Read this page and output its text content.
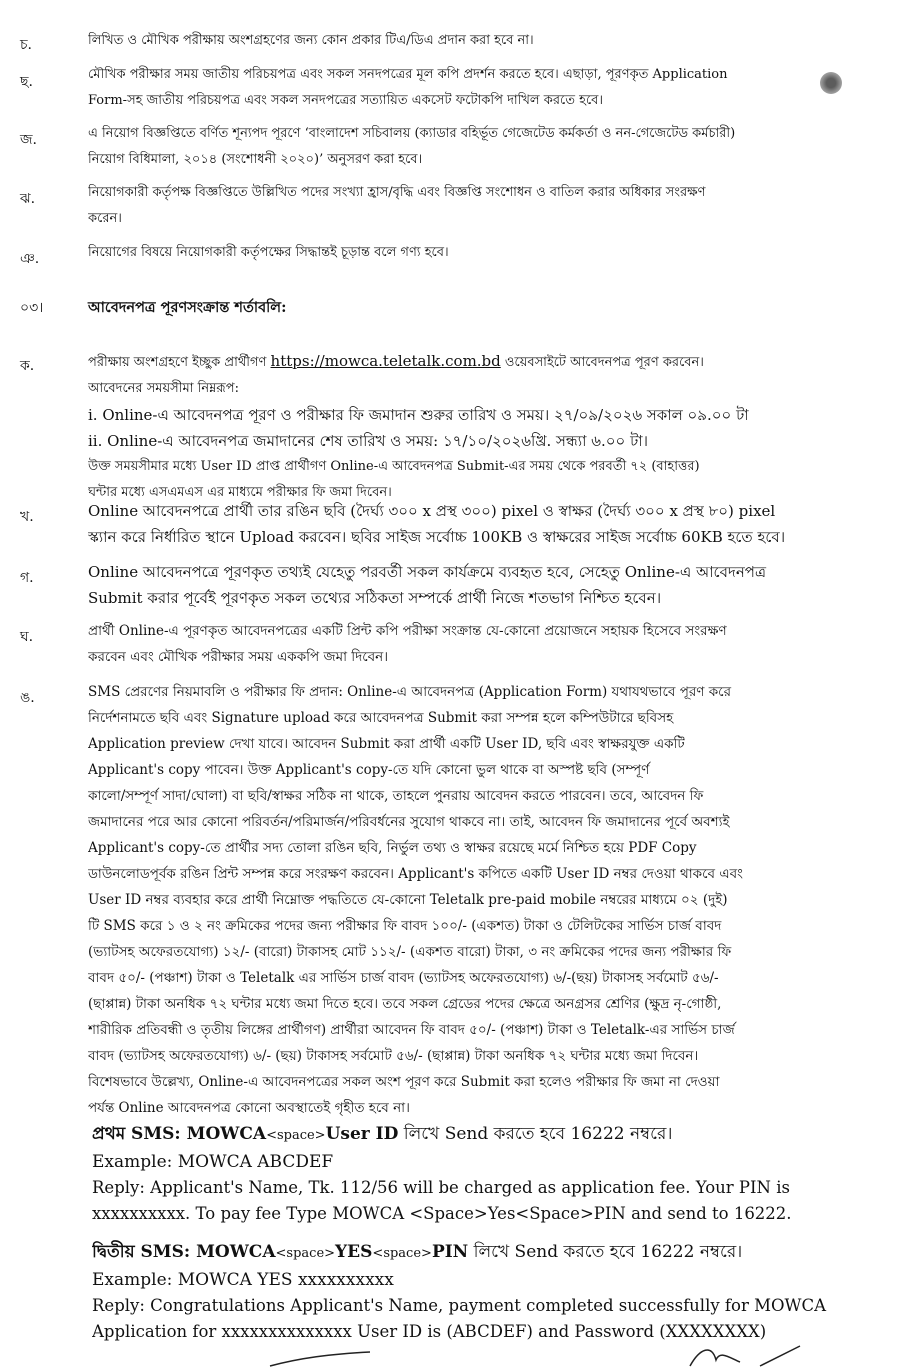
চ.	লিখিত ও মৌখিক পরীক্ষায় অংশগ্রহণের জন্য কোন প্রকার টিএ/ডিএ প্রদান করা হবে না।
ছ.	মৌখিক পরীক্ষার সময় জাতীয় পরিচয়পত্র এবং সকল সনদপত্রের মূল কপি প্রদর্শন করতে হবে। এছাড়া, পূরণকৃত Application
Form-সহ জাতীয় পরিচয়পত্র এবং সকল সনদপত্রের সত্যায়িত একসেট ফটোকপি দাখিল করতে হবে।
জ.	এ নিয়োগ বিজ্ঞপ্তিতে বর্ণিত শূন্যপদ পূরণে ‘বাংলাদেশ সচিবালয় (ক্যাডার বহির্ভূত গেজেটেড কর্মকর্তা ও নন-গেজেটেড কর্মচারী)
নিয়োগ বিধিমালা, ২০১৪ (সংশোধনী ২০২০)’ অনুসরণ করা হবে।
ঝ.	নিয়োগকারী কর্তৃপক্ষ বিজ্ঞপ্তিতে উল্লিখিত পদের সংখ্যা হ্রাস/বৃদ্ধি এবং বিজ্ঞপ্তি সংশোধন ও বাতিল করার অধিকার সংরক্ষণ
করেন।
ঞ.	নিয়োগের বিষয়ে নিয়োগকারী কর্তৃপক্ষের সিদ্ধান্তই চূড়ান্ত বলে গণ্য হবে।
০৩।	আবেদনপত্র পূরণসংক্রান্ত শর্তাবলি:
ক.	পরীক্ষায় অংশগ্রহণে ইচ্ছুক প্রার্থীগণ https://mowca.teletalk.com.bd ওয়েবসাইটে আবেদনপত্র পূরণ করবেন।
আবেদনের সময়সীমা নিম্নরূপ:
i. Online-এ আবেদনপত্র পূরণ ও পরীক্ষার ফি জমাদান শুরুর তারিখ ও সময়। ২৭/০৯/২০২৬ সকাল ০৯.০০ টা
ii. Online-এ আবেদনপত্র জমাদানের শেষ তারিখ ও সময়: ১৭/১০/২০২৬খ্রি. সন্ধ্যা ৬.০০ টা।
উক্ত সময়সীমার মধ্যে User ID প্রাপ্ত প্রার্থীগণ Online-এ আবেদনপত্র Submit-এর সময় থেকে পরবর্তী ৭২ (বাহাত্তর)
ঘন্টার মধ্যে এসএমএস এর মাধ্যমে পরীক্ষার ফি জমা দিবেন।
খ.	Online আবেদনপত্রে প্রার্থী তার রঙিন ছবি (দৈর্ঘ্য ৩০০ x প্রস্থ ৩০০) pixel ও স্বাক্ষর (দৈর্ঘ্য ৩০০ x প্রস্থ ৮০) pixel
স্ক্যান করে নির্ধারিত স্থানে Upload করবেন। ছবির সাইজ সর্বোচ্চ 100KB ও স্বাক্ষরের সাইজ সর্বোচ্চ 60KB হতে হবে।
গ.	Online আবেদনপত্রে পূরণকৃত তথ্যই যেহেতু পরবর্তী সকল কার্যক্রমে ব্যবহৃত হবে, সেহেতু Online-এ আবেদনপত্র
Submit করার পূর্বেই পূরণকৃত সকল তথ্যের সঠিকতা সম্পর্কে প্রার্থী নিজে শতভাগ নিশ্চিত হবেন।
ঘ.	প্রার্থী Online-এ পূরণকৃত আবেদনপত্রের একটি প্রিন্ট কপি পরীক্ষা সংক্রান্ত যে-কোনো প্রয়োজনে সহায়ক হিসেবে সংরক্ষণ
করবেন এবং মৌখিক পরীক্ষার সময় এককপি জমা দিবেন।
ঙ.	SMS প্রেরণের নিয়মাবলি ও পরীক্ষার ফি প্রদান: Online-এ আবেদনপত্র (Application Form) যথাযথভাবে পূরণ করে
নির্দেশনামতে ছবি এবং Signature upload করে আবেদনপত্র Submit করা সম্পন্ন হলে কম্পিউটারে ছবিসহ
Application preview দেখা যাবে। আবেদন Submit করা প্রার্থী একটি User ID, ছবি এবং স্বাক্ষরযুক্ত একটি
Applicant's copy পাবেন। উক্ত Applicant's copy-তে যদি কোনো ভুল থাকে বা অস্পষ্ট ছবি (সম্পূর্ণ
কালো/সম্পূর্ণ সাদা/ঘোলা) বা ছবি/স্বাক্ষর সঠিক না থাকে, তাহলে পুনরায় আবেদন করতে পারবেন। তবে, আবেদন ফি
জমাদানের পরে আর কোনো পরিবর্তন/পরিমার্জন/পরিবর্ধনের সুযোগ থাকবে না। তাই, আবেদন ফি জমাদানের পূর্বে অবশ্যই
Applicant's copy-তে প্রার্থীর সদ্য তোলা রঙিন ছবি, নির্ভুল তথ্য ও স্বাক্ষর রয়েছে মর্মে নিশ্চিত হয়ে PDF Copy
ডাউনলোডপূর্বক রঙিন প্রিন্ট সম্পন্ন করে সংরক্ষণ করবেন। Applicant's কপিতে একটি User ID নম্বর দেওয়া থাকবে এবং
User ID নম্বর ব্যবহার করে প্রার্থী নিম্নোক্ত পদ্ধতিতে যে-কোনো Teletalk pre-paid mobile নম্বরের মাধ্যমে ০২ (দুই)
টি SMS করে ১ ও ২ নং ক্রমিকের পদের জন্য পরীক্ষার ফি বাবদ ১০০/- (একশত) টাকা ও টেলিটকের সার্ভিস চার্জ বাবদ
(ভ্যাটসহ অফেরতযোগ্য) ১২/- (বারো) টাকাসহ মোট ১১২/- (একশত বারো) টাকা, ৩ নং ক্রমিকের পদের জন্য পরীক্ষার ফি
বাবদ ৫০/- (পঞ্চাশ) টাকা ও Teletalk এর সার্ভিস চার্জ বাবদ (ভ্যাটসহ অফেরতযোগ্য) ৬/-(ছয়) টাকাসহ সর্বমোট ৫৬/-
(ছাপ্পান্ন) টাকা অনধিক ৭২ ঘন্টার মধ্যে জমা দিতে হবে। তবে সকল গ্রেডের পদের ক্ষেত্রে অনগ্রসর শ্রেণির (ক্ষুদ্র নৃ-গোষ্ঠী,
শারীরিক প্রতিবন্ধী ও তৃতীয় লিঙ্গের প্রার্থীগণ) প্রার্থীরা আবেদন ফি বাবদ ৫০/- (পঞ্চাশ) টাকা ও Teletalk-এর সার্ভিস চার্জ
বাবদ (ভ্যাটসহ অফেরতযোগ্য) ৬/- (ছয়) টাকাসহ সর্বমোট ৫৬/- (ছাপ্পান্ন) টাকা অনধিক ৭২ ঘন্টার মধ্যে জমা দিবেন।
বিশেষভাবে উল্লেখ্য, Online-এ আবেদনপত্রের সকল অংশ পূরণ করে Submit করা হলেও পরীক্ষার ফি জমা না দেওয়া
পর্যন্ত Online আবেদনপত্র কোনো অবস্থাতেই গৃহীত হবে না।
প্রথম SMS: MOWCA<space>User ID লিখে Send করতে হবে 16222 নম্বরে।
Example: MOWCA ABCDEF
Reply: Applicant's Name, Tk. 112/56 will be charged as application fee. Your PIN is
xxxxxxxxxx. To pay fee Type MOWCA <Space>Yes<Space>PIN and send to 16222.
দ্বিতীয় SMS: MOWCA<space>YES<space>PIN লিখে Send করতে হবে 16222 নম্বরে।
Example: MOWCA YES xxxxxxxxxx
Reply: Congratulations Applicant's Name, payment completed successfully for MOWCA
Application for xxxxxxxxxxxxxx User ID is (ABCDEF) and Password (XXXXXXXX)
